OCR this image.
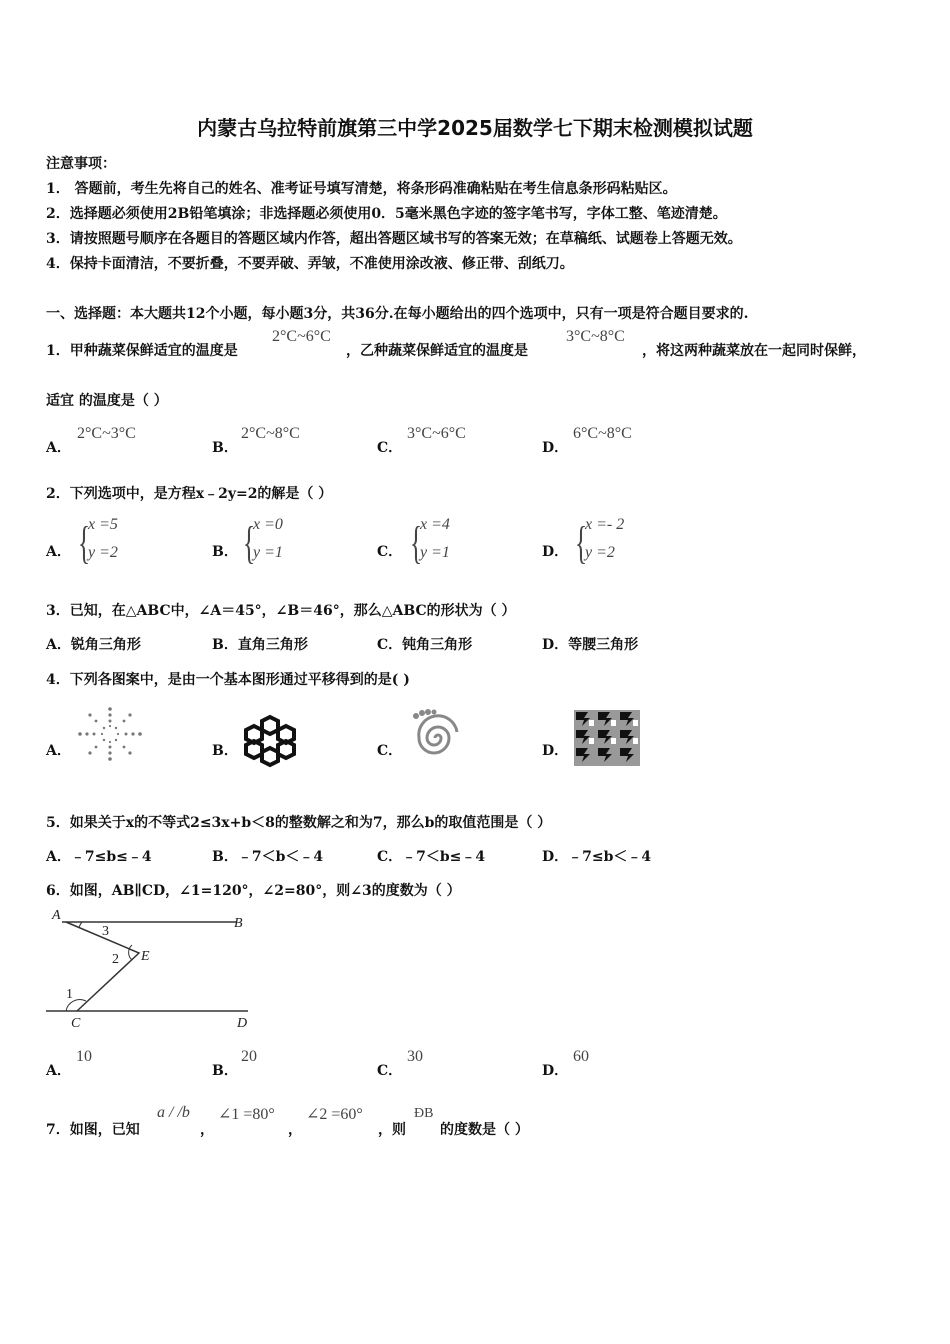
内蒙古乌拉特前旗第三中学2025届数学七下期末检测模拟试题
注意事项：
1． 答题前，考生先将自己的姓名、准考证号填写清楚，将条形码准确粘贴在考生信息条形码粘贴区。
2．选择题必须使用2B铅笔填涂；非选择题必须使用0．5毫米黑色字迹的签字笔书写，字体工整、笔迹清楚。
3．请按照题号顺序在各题目的答题区域内作答，超出答题区域书写的答案无效；在草稿纸、试题卷上答题无效。
4．保持卡面清洁，不要折叠，不要弄破、弄皱，不准使用涂改液、修正带、刮纸刀。
一、选择题：本大题共12个小题，每小题3分，共36分.在每小题给出的四个选项中，只有一项是符合题目要求的.
1．甲种蔬菜保鲜适宜的温度是
2°C~6°C
，乙种蔬菜保鲜适宜的温度是
3°C~8°C
，将这两种蔬菜放在一起同时保鲜，
适宜 的温度是（ ）
A．
2°C~3°C
B．
2°C~8°C
C．
3°C~6°C
D．
6°C~8°C
2．下列选项中，是方程x﹣2y=2的解是（ ）
A． {
x =5
y =2	B． {
x =0
y =1	C． {
x =4
y =1	D． {
x =- 2
y =2
3．已知，在△ABC中，∠A＝45°，∠B＝46°，那么△ABC的形状为（ ）
A．锐角三角形	B．直角三角形	C．钝角三角形	D．等腰三角形
4．下列各图案中，是由一个基本图形通过平移得到的是( )
A．	B．	C．	D．
5．如果关于x的不等式2≤3x+b＜8的整数解之和为7，那么b的取值范围是（ ）
A．﹣7≤b≤﹣4	B．﹣7＜b＜﹣4	C．﹣7＜b≤﹣4	D．﹣7≤b＜﹣4
6．如图，AB∥CD，∠1=120°，∠2=80°，则∠3的度数为（ ）
A
B
3
E
2
1
C	D
A．
10
B．
20
C．
30
D．
60
7．如图，已知
a / /b
，
∠1 =80°
，
∠2 =60°
，则
ÐB
的度数是（ ）
